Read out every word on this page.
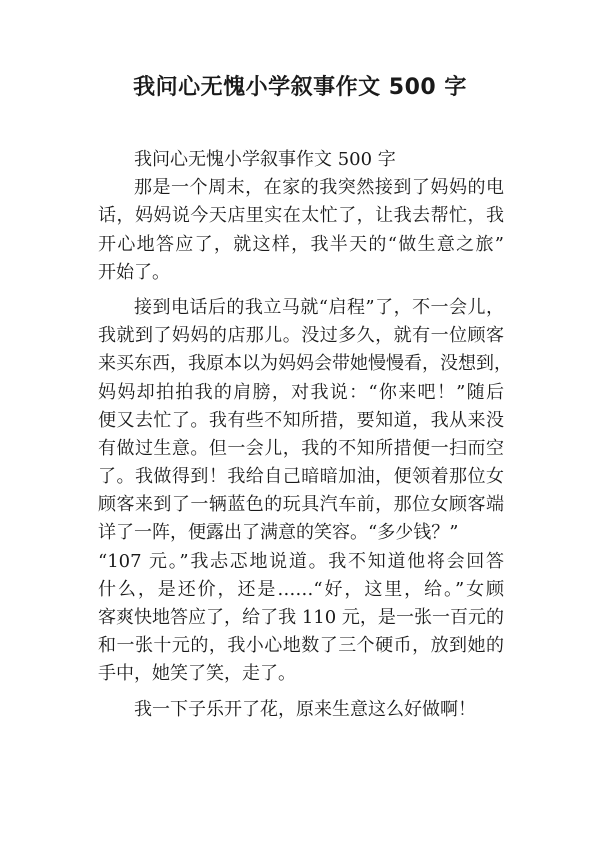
我问心无愧小学叙事作文 500 字
我问心无愧小学叙事作文 500 字
那是一个周末，在家的我突然接到了妈妈的电
话，妈妈说今天店里实在太忙了，让我去帮忙，我
开心地答应了，就这样，我半天的“做生意之旅”
开始了。
接到电话后的我立马就“启程”了，不一会儿，
我就到了妈妈的店那儿。没过多久，就有一位顾客
来买东西，我原本以为妈妈会带她慢慢看，没想到，
妈妈却拍拍我的肩膀，对我说：“你来吧！”随后
便又去忙了。我有些不知所措，要知道，我从来没
有做过生意。但一会儿，我的不知所措便一扫而空
了。我做得到！我给自己暗暗加油，便领着那位女
顾客来到了一辆蓝色的玩具汽车前，那位女顾客端
详了一阵，便露出了满意的笑容。“多少钱？”
“107 元。”我忐忑地说道。我不知道他将会回答
什么，是还价，还是……“好，这里，给。”女顾
客爽快地答应了，给了我 110 元，是一张一百元的
和一张十元的，我小心地数了三个硬币，放到她的
手中，她笑了笑，走了。
我一下子乐开了花，原来生意这么好做啊！
